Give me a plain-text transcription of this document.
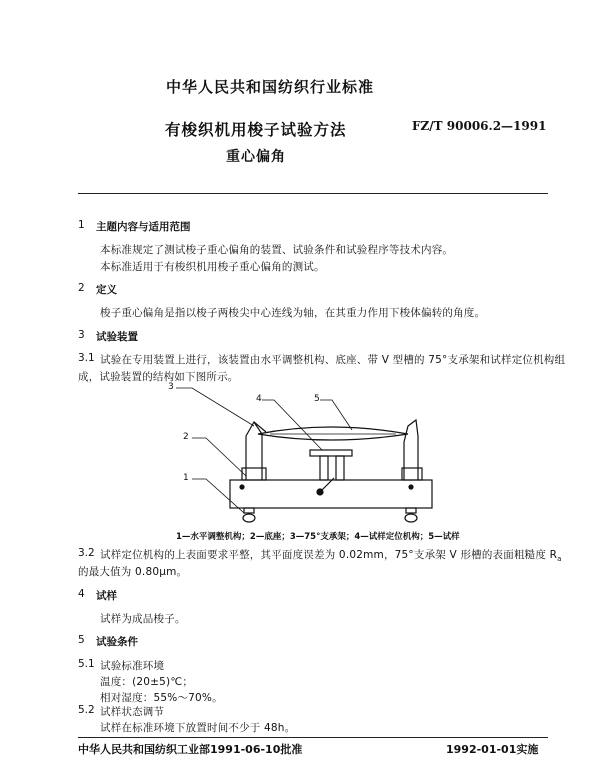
中华人民共和国纺织行业标准
有梭织机用梭子试验方法	FZ/T 90006.2—1991
重心偏角
1 主题内容与适用范围
本标准规定了测试梭子重心偏角的装置、试验条件和试验程序等技术内容。
本标准适用于有梭织机用梭子重心偏角的测试。
2 定义
梭子重心偏角是指以梭子两梭尖中心连线为轴，在其重力作用下梭体偏转的角度。
3 试验装置
3.1 试验在专用装置上进行，该装置由水平调整机构、底座、带 V 型槽的 75°支承架和试样定位机构组
成，试验装置的结构如下图所示。
1
2
3
4	5
1—水平调整机构；2—底座；3—75°支承架；4—试样定位机构；5—试样
3.2 试样定位机构的上表面要求平整，其平面度误差为 0.02mm，75°支承架 V 形槽的表面粗糙度 $R_a$
的最大值为 0.80μm。
4 试样
试样为成品梭子。
5 试验条件
5.1 试验标准环境
温度：(20±5)℃；
相对湿度：55%～70%。
5.2 试样状态调节
试样在标准环境下放置时间不少于 48h。
中华人民共和国纺织工业部1991-06-10批准	1992-01-01实施
